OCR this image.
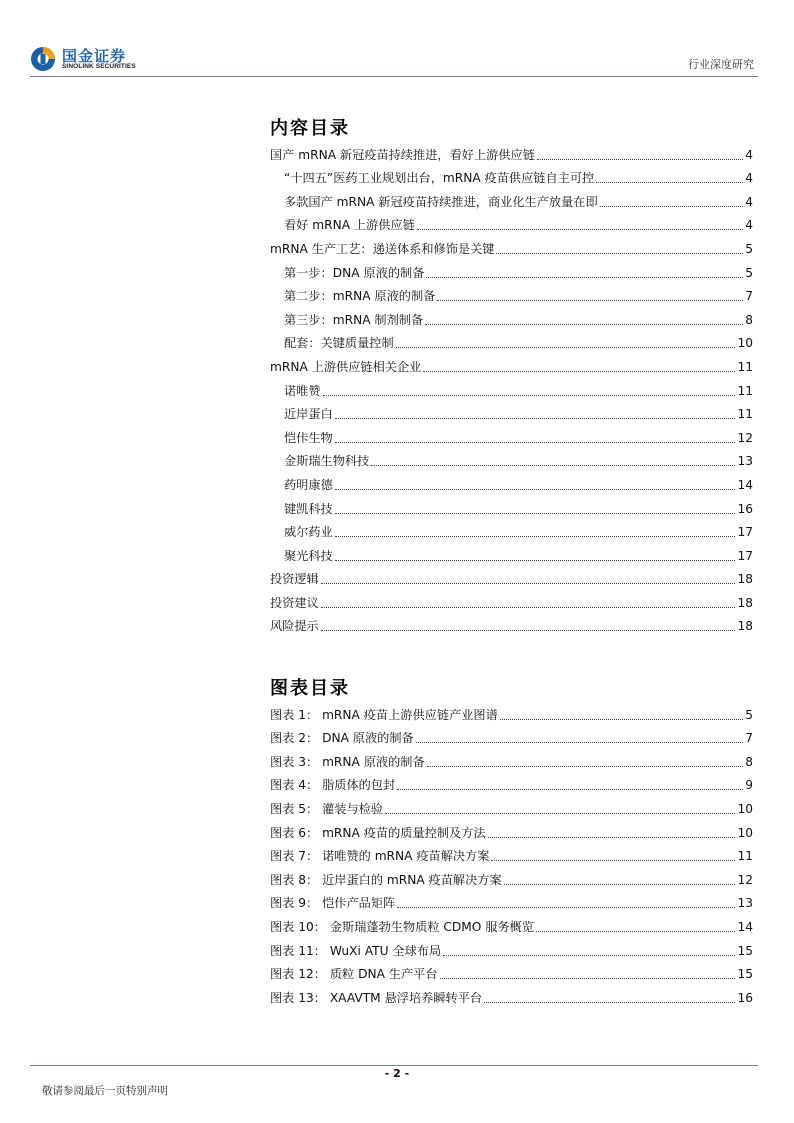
国金证券
SINOLINK SECURITIES	行业深度研究
内容目录
国产 mRNA 新冠疫苗持续推进，看好上游供应链	4
“十四五”医药工业规划出台，mRNA 疫苗供应链自主可控	4
多款国产 mRNA 新冠疫苗持续推进，商业化生产放量在即	4
看好 mRNA 上游供应链	4
mRNA 生产工艺：递送体系和修饰是关键	5
第一步：DNA 原液的制备	5
第二步：mRNA 原液的制备	7
第三步：mRNA 制剂制备	8
配套：关键质量控制	10
mRNA 上游供应链相关企业	11
诺唯赞	11
近岸蛋白	11
恺佧生物	12
金斯瑞生物科技	13
药明康德	14
键凯科技	16
威尔药业	17
聚光科技	17
投资逻辑	18
投资建议	18
风险提示	18
图表目录
图表 1： mRNA 疫苗上游供应链产业图谱	5
图表 2： DNA 原液的制备	7
图表 3： mRNA 原液的制备	8
图表 4： 脂质体的包封	9
图表 5： 灌装与检验	10
图表 6： mRNA 疫苗的质量控制及方法	10
图表 7： 诺唯赞的 mRNA 疫苗解决方案	11
图表 8： 近岸蛋白的 mRNA 疫苗解决方案	12
图表 9： 恺佧产品矩阵	13
图表 10： 金斯瑞蓬勃生物质粒 CDMO 服务概览	14
图表 11： WuXi ATU 全球布局	15
图表 12： 质粒 DNA 生产平台	15
图表 13： XAAVTM 悬浮培养瞬转平台	16
- 2 -
敬请参阅最后一页特别声明
